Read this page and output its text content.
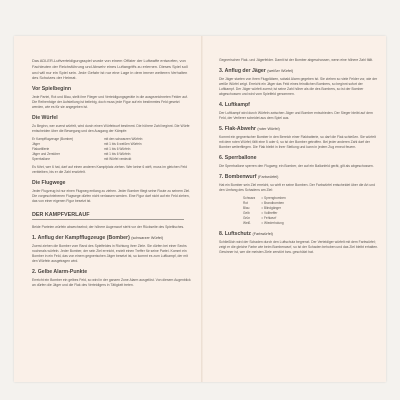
Das ADLER-Luftverteidigungsspiel wurde von einem Offizier der Luftwaffe entworfen, von Fachleuten der Reichsführung und Abwehr eines Luftangriffs zu erlernen. Dieses Spiel soll und will nur ein Spiel sein. Jede Gefahr ist nur eine Lage in dem immer weiteren Verhalten des Schutzes der Heimat.

Vor Spielbeginn

Jede Partei, Rot und Blau, stellt ihre Flieger und Verteidigungsgeräte in die ausgezeichneten Felder auf. Die Reihenfolge der Aufstellung ist beliebig, doch muss jede Figur auf ein bestimmtes Feld gesetzt werden, wie es für sie angegeben ist.

Die Würfel

Zu Beginn, wer zuerst würfelt, wird durch einen Würfelwurf bestimmt. Die höhere Zahl beginnt. Die Würfe entscheiden über die Bewegung und den Ausgang der Kämpfe:

Er Kampfflugzeuge (Bomber)	mit den schwarzen Würfeln
Jäger	mit 1 bis 6 weißen Würfeln
Flakartillerie	mit 1 bis 6 Würfeln
Jäger und Zerstörer	mit 1 bis 6 Würfeln
Sperrballone	mit Würfel verdeckt

Es führt, wer 6 hat, darf auf einen anderen Kampfplatz ziehen. Wer keine 6 wirft, muss im gleichen Feld verbleiben, bis er die Zahl erwürfelt.

Die Flugwege

Jeder Flugzeug ist nur einen Flugweg entlang zu ziehen. Jeder Bomber fliegt seine Route zu seinem Ziel. Die vorgeschriebenen Flugwege dürfen nicht verlassen werden. Eine Figur darf nicht auf ein Feld ziehen, das von einer eigenen Figur besetzt ist.

DER KAMPFVERLAUF

Beide Parteien würfeln abwechselnd; der höhere Augenwurf steht vor der Rückseite des Spieltisches.

1. Anflug der Kampfflugzeuge (Bomber) (schwarzer Würfel)

Zuerst ziehen die Bomber vom Rand des Spielfeldes in Richtung ihrer Ziele. Sie dürfen bei einer Sechs nochmals würfeln. Jeder Bomber, der sein Ziel erreicht, erzielt einen Treffer für seine Partei. Kommt ein Bomber in ein Feld, das von einem gegnerischen Jäger besetzt ist, so kommt es zum Luftkampf, der mit den Würfeln ausgetragen wird.

2. Gelbe Alarm-Punkte

Erreicht ein Bomber ein gelbes Feld, so wird in der ganzen Zone Alarm ausgelöst. Von diesem Augenblick an dürfen die Jäger und die Flak des Verteidigers in Tätigkeit treten.

Gegnerischen Flak- und Jägerfelder. Damit ist der Bomber abgeschossen, wenn eine höhere Zahl fällt.

3. Anflug der Jäger (weißer Würfel)

Die Jäger starten von ihren Flugplätzen, sobald Alarm gegeben ist. Sie ziehen so viele Felder vor, wie der weiße Würfel zeigt. Erreicht ein Jäger das Feld eines feindlichen Bombers, so beginnt sofort der Luftkampf. Der Jäger würfelt zuerst; ist seine Zahl höher als die des Bombers, so ist der Bomber abgeschossen und wird vom Spielfeld genommen.

4. Luftkampf

Der Luftkampf wird durch Würfeln zwischen Jäger und Bomber entschieden. Der Sieger bleibt auf dem Feld, der Verlierer scheidet aus dem Spiel aus.

5. Flak-Abwehr (roter Würfel)

Kommt ein gegnerischer Bomber in den Bereich einer Flakbatterie, so darf die Flak schießen. Sie würfelt mit dem roten Würfel; fällt eine 5 oder 6, so ist der Bomber getroffen. Bei jeder anderen Zahl darf der Bomber weiterfliegen. Die Flak bleibt in ihrer Stellung und kann in jedem Zug erneut feuern.

6. Sperrballone

Die Sperrballone sperren den Flugweg; ein Bomber, der auf ein Ballonfeld gerät, gilt als abgeschossen.

7. Bombenwurf (Farbwürfel)

Hat ein Bomber sein Ziel erreicht, so wirft er seine Bomben. Der Farbwürfel entscheidet über die Art und den Umfang des Schadens am Ziel:

Schwarz	= Sprengbomben
Rot	= Brandbomben
Blau	= Blindgänger
Gelb	= Volltreffer
Grün	= Fehlwurf
Weiß	= Wiederholung
8. Luftschutz (Farbwürfel)

Schließlich wird der Schaden durch den Luftschutz begrenzt. Der Verteidiger würfelt mit dem Farbwürfel; zeigt er die gleiche Farbe wie beim Bombenwurf, so ist der Schaden behoben und das Ziel bleibt erhalten. Gewinner ist, wer die meisten Ziele zerstört bzw. geschützt hat.
